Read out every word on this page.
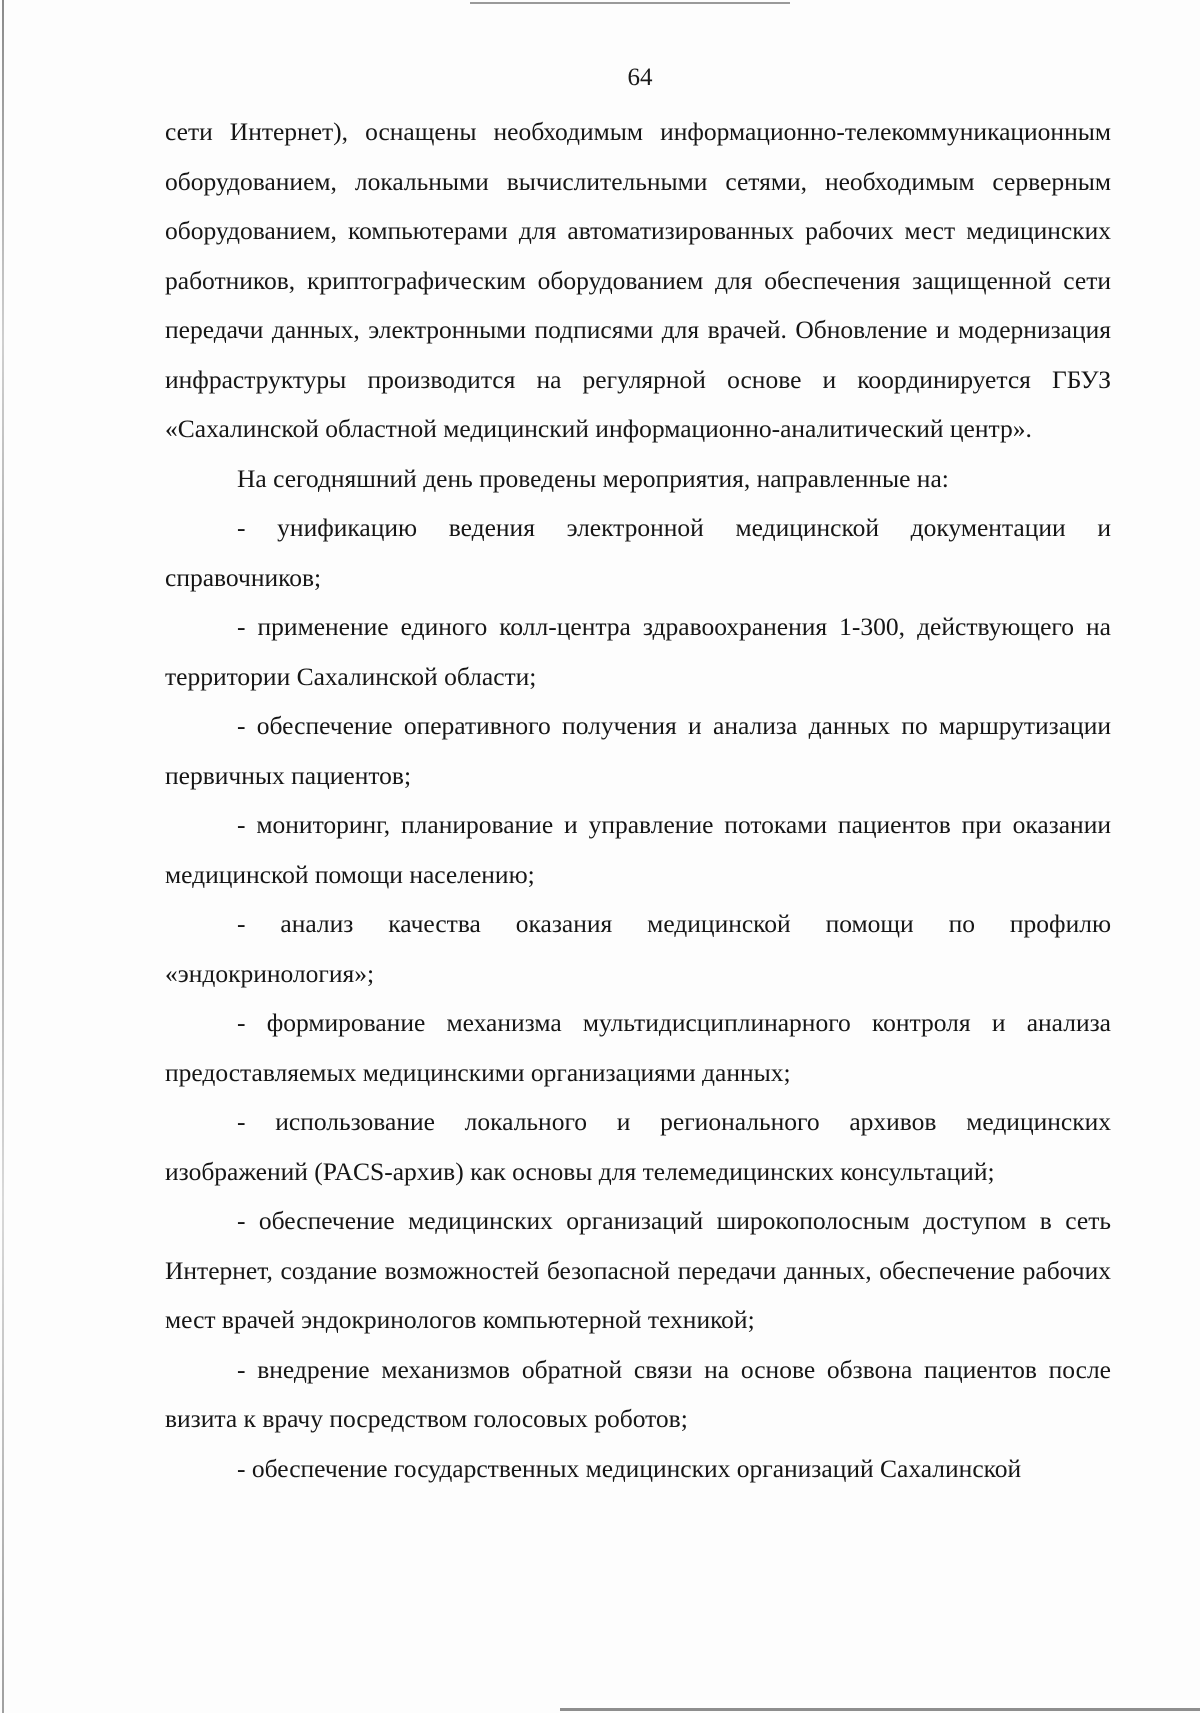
64

сети Интернет), оснащены необходимым информационно-телекоммуникационным оборудованием, локальными вычислительными сетями, необходимым серверным оборудованием, компьютерами для автоматизированных рабочих мест медицинских работников, криптографическим оборудованием для обеспечения защищенной сети передачи данных, электронными подписями для врачей. Обновление и модернизация инфраструктуры производится на регулярной основе и координируется ГБУЗ «Сахалинской областной медицинский информационно-аналитический центр».

На сегодняшний день проведены мероприятия, направленные на:

- унификацию ведения электронной медицинской документации и справочников;

- применение единого колл-центра здравоохранения 1-300, действующего на территории Сахалинской области;

- обеспечение оперативного получения и анализа данных по маршрутизации первичных пациентов;

- мониторинг, планирование и управление потоками пациентов при оказании медицинской помощи населению;

- анализ качества оказания медицинской помощи по профилю «эндокринология»;

- формирование механизма мультидисциплинарного контроля и анализа предоставляемых медицинскими организациями данных;

- использование локального и регионального архивов медицинских изображений (PACS-архив) как основы для телемедицинских консультаций;

- обеспечение медицинских организаций широкополосным доступом в сеть Интернет, создание возможностей безопасной передачи данных, обеспечение рабочих мест врачей эндокринологов компьютерной техникой;

- внедрение механизмов обратной связи на основе обзвона пациентов после визита к врачу посредством голосовых роботов;

- обеспечение государственных медицинских организаций Сахалинской
